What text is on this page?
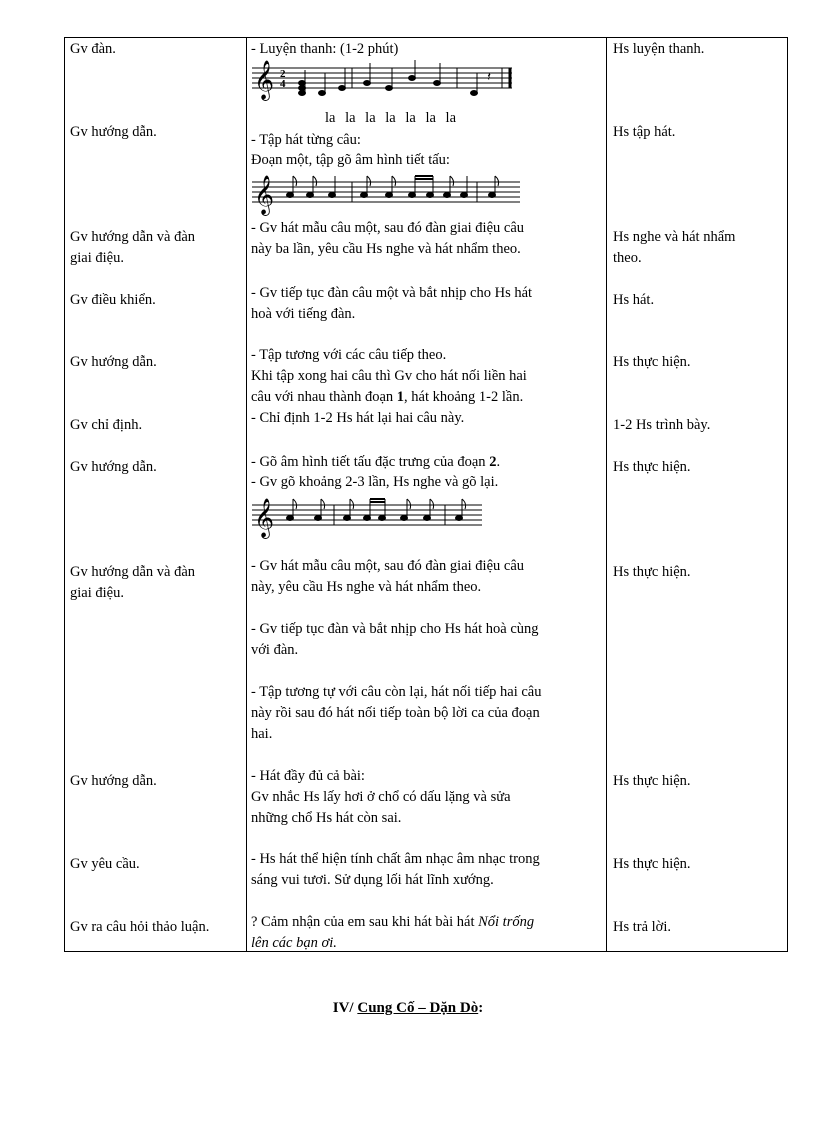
Gv đàn.
Gv hướng dẫn.
Gv hướng dẫn và đàn
giai điệu.
Gv điều khiển.
Gv hướng dẫn.
Gv chỉ định.
Gv hướng dẫn.
Gv hướng dẫn và đàn
giai điệu.
Gv hướng dẫn.
Gv yêu cầu.
Gv ra câu hỏi thảo luận.
- Luyện thanh: (1-2 phút)
𝄞 2
4	𝄽
la la la la la la la
- Tập hát từng câu:
Đoạn một, tập gõ âm hình tiết tấu:
𝄞
- Gv hát mẫu câu một, sau đó đàn giai điệu câu
này ba lần, yêu cầu Hs nghe và hát nhẩm theo.
- Gv tiếp tục đàn câu một và bắt nhịp cho Hs hát
hoà với tiếng đàn.
- Tập tương với các câu tiếp theo.
Khi tập xong hai câu thì Gv cho hát nối liền hai
câu với nhau thành đoạn 1, hát khoảng 1-2 lần.
- Chỉ định 1-2 Hs hát lại hai câu này.
- Gõ âm hình tiết tấu đặc trưng của đoạn 2.
- Gv gõ khoảng 2-3 lần, Hs nghe và gõ lại.
𝄞
- Gv hát mẫu câu một, sau đó đàn giai điệu câu
này, yêu cầu Hs nghe và hát nhẩm theo.
- Gv tiếp tục đàn và bắt nhịp cho Hs hát hoà cùng
với đàn.
- Tập tương tự với câu còn lại, hát nối tiếp hai câu
này rồi sau đó hát nối tiếp toàn bộ lời ca của đoạn
hai.
- Hát đầy đủ cả bài:
Gv nhắc Hs lấy hơi ở chổ có dấu lặng và sửa
những chổ Hs hát còn sai.
- Hs hát thể hiện tính chất âm nhạc âm nhạc trong
sáng vui tươi. Sử dụng lối hát lĩnh xướng.
? Cảm nhận của em sau khi hát bài hát Nổi trống
lên các bạn ơi.
Hs luyện thanh.
Hs tập hát.
Hs nghe và hát nhẩm
theo.
Hs hát.
Hs thực hiện.
1-2 Hs trình bày.
Hs thực hiện.
Hs thực hiện.
Hs thực hiện.
Hs thực hiện.
Hs trả lời.
IV/ Cung Cố – Dặn Dò:
